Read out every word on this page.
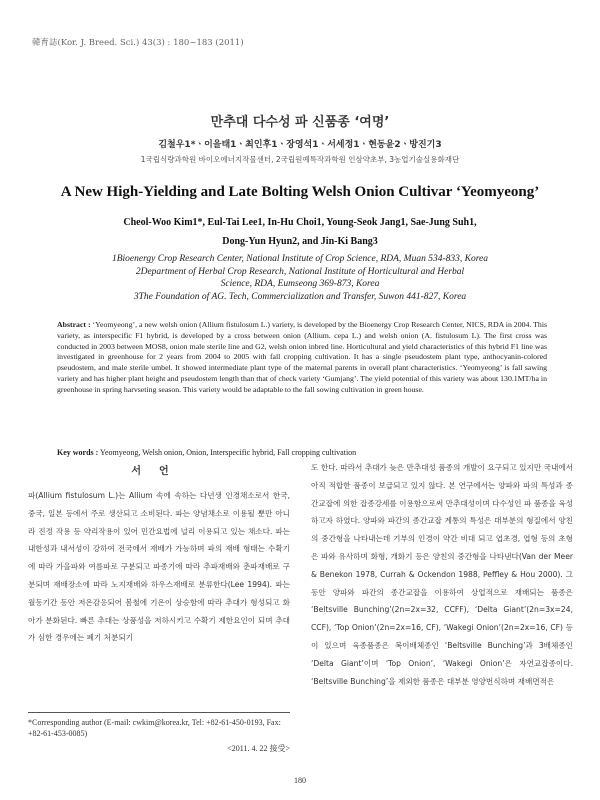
韓育誌(Kor. J. Breed. Sci.) 43(3) : 180~183 (2011)
만추대 다수성 파 신품종 ‘여명’
김철우1*ㆍ이을태1ㆍ최인후1ㆍ장영석1ㆍ서세정1ㆍ현동윤2ㆍ방진기3
1국립식량과학원 바이오에너지작물센터, 2국립원예특작과학원 인삼약초부, 3농업기술실용화재단
A New High-Yielding and Late Bolting Welsh Onion Cultivar ‘Yeomyeong’
Cheol-Woo Kim1*, Eul-Tai Lee1, In-Hu Choi1, Young-Seok Jang1, Sae-Jung Suh1,
Dong-Yun Hyun2, and Jin-Ki Bang3
1Bioenergy Crop Research Center, National Institute of Crop Science, RDA, Muan 534-833, Korea
2Department of Herbal Crop Research, National Institute of Horticultural and Herbal
Science, RDA, Eumseong 369-873, Korea
3The Foundation of AG. Tech, Commercialization and Transfer, Suwon 441-827, Korea
Abstract : ‘Yeomyeong’, a new welsh onion (Allium fistulosum L.) variety, is developed by the Bioenergy Crop Research Center, NICS, RDA in 2004. This variety, as interspecific F1 hybrid, is developed by a cross between onion (Allium. cepa L.) and welsh onion (A. fistulosum L). The first cross was conducted in 2003 between MOS8, onion male sterile line and G2, welsh onion inbred line. Horticultural and yield characteristics of this hybrid F1 line was investigated in greenhouse for 2 years from 2004 to 2005 with fall cropping cultivation. It has a single pseudostem plant type, anthocyanin-colored pseudostem, and male sterile umbel. It showed intermediate plant type of the maternal parents in overall plant characteristics. ‘Yeomyeong’ is fall sawing variety and has higher plant height and pseudostem length than that of check variety ‘Gumjang’. The yield potential of this variety was about 130.1MT/ha in greenhouse in spring harvseting season. This variety would be adaptable to the fall sowing cultivation in green house.
Key words : Yeomyeong, Welsh onion, Onion, Interspecific hybrid, Fall cropping cultivation
서언

파(Allium fistulosum L.)는 Allium 속에 속하는 다년생 인경채소로서 한국, 중국, 일본 등에서 주로 생산되고 소비된다. 파는 양념채소로 이용될 뿐만 아니라 진정 작용 등 약리작용이 있어 민간요법에 널리 이용되고 있는 채소다. 파는 내한성과 내서성이 강하여 전국에서 재배가 가능하며 파의 재배 형태는 수확기에 따라 가을파와 여름파로 구분되고 파종기에 따라 추파재배와 춘파재배로 구분되며 재배장소에 따라 노지재배와 하우스재배로 분류한다(Lee 1994). 파는 월동기간 동안 저온감응되어 봄철에 기온이 상승함에 따라 추대가 형성되고 화아가 분화된다. 빠른 추대는 상품성을 저하시키고 수확기 제한요인이 되며 추대가 심한 경우에는 폐기 처분되기

도 한다. 따라서 추대가 늦은 만추대성 품종의 개발이 요구되고 있지만 국내에서 아직 적합한 품종이 보급되고 있지 않다. 본 연구에서는 양파와 파의 특성과 종간교잡에 의한 잡종강세를 이용함으로써 만추대성이며 다수성인 파 품종을 육성하고자 하였다. 양파와 파간의 종간교잡 계통의 특성은 대부분의 형질에서 양친의 중간형을 나타내는데 기부의 인경이 약간 비대 되고 엽초경, 엽형 등의 초형은 파와 유사하며 화형, 개화기 등은 양친의 중간형을 나타낸다(Van der Meer & Benekon 1978, Currah & Ockendon 1988, Peffley & Hou 2000). 그동안 양파와 파간의 종간교잡을 이용하여 상업적으로 재배되는 품종은 ‘Beltsville Bunching’(2n=2x=32, CCFF), ‘Delta Giant’(2n=3x=24, CCF), ‘Top Onion’(2n=2x=16, CF), ‘Wakegi Onion’(2n=2x=16, CF) 등이 있으며 육종품종은 복이배체종인 ‘Beltsville Bunching’과 3배체종인 ‘Delta Giant’이며 ‘Top Onion’, ‘Wakegi Onion’은 자연교잡종이다. ‘Beltsville Bunching’을 제외한 품종은 대부분 영양번식하며 재배면적은

*Corresponding author (E-mail: cwkim@korea.kr, Tel: +82-61-450-0193, Fax: +82-61-453-0085)
<2011. 4. 22 接受>
180
